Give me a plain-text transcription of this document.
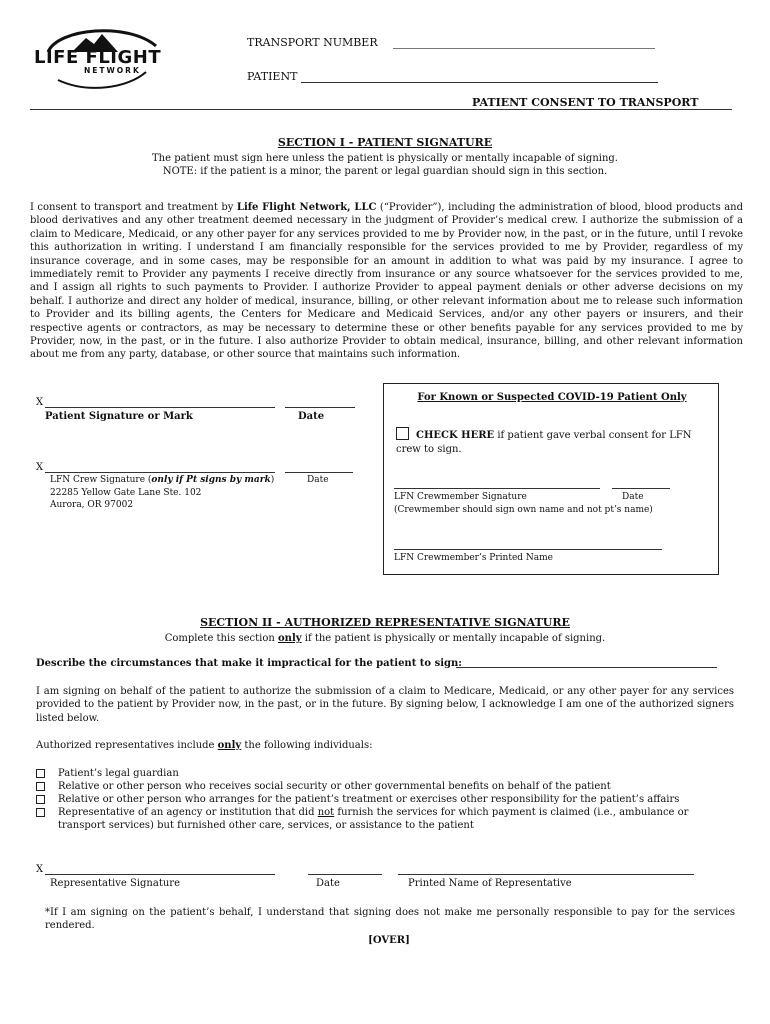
LIFE FLIGHT
NETWORK
TRANSPORT NUMBER
PATIENT
PATIENT CONSENT TO TRANSPORT
SECTION I - PATIENT SIGNATURE
The patient must sign here unless the patient is physically or mentally incapable of signing.
NOTE: if the patient is a minor, the parent or legal guardian should sign in this section.
I consent to transport and treatment by Life Flight Network, LLC (“Provider”), including the administration of blood, blood products and blood derivatives and any other treatment deemed necessary in the judgment of Provider’s medical crew. I authorize the submission of a claim to Medicare, Medicaid, or any other payer for any services provided to me by Provider now, in the past, or in the future, until I revoke this authorization in writing. I understand I am financially responsible for the services provided to me by Provider, regardless of my insurance coverage, and in some cases, may be responsible for an amount in addition to what was paid by my insurance. I agree to immediately remit to Provider any payments I receive directly from insurance or any source whatsoever for the services provided to me, and I assign all rights to such payments to Provider. I authorize Provider to appeal payment denials or other adverse decisions on my behalf. I authorize and direct any holder of medical, insurance, billing, or other relevant information about me to release such information to Provider and its billing agents, the Centers for Medicare and Medicaid Services, and/or any other payers or insurers, and their respective agents or contractors, as may be necessary to determine these or other benefits payable for any services provided to me by Provider, now, in the past, or in the future. I also authorize Provider to obtain medical, insurance, billing, and other relevant information about me from any party, database, or other source that maintains such information.
X
Patient Signature or Mark	Date
X
LFN Crew Signature (only if Pt signs by mark)	Date
22285 Yellow Gate Lane Ste. 102
Aurora, OR 97002
For Known or Suspected COVID-19 Patient Only
CHECK HERE if patient gave verbal consent for LFN crew to sign.
LFN Crewmember Signature	Date
(Crewmember should sign own name and not pt’s name)
LFN Crewmember’s Printed Name
SECTION II - AUTHORIZED REPRESENTATIVE SIGNATURE
Complete this section only if the patient is physically or mentally incapable of signing.
Describe the circumstances that make it impractical for the patient to sign:
I am signing on behalf of the patient to authorize the submission of a claim to Medicare, Medicaid, or any other payer for any services provided to the patient by Provider now, in the past, or in the future. By signing below, I acknowledge I am one of the authorized signers listed below.
Authorized representatives include only the following individuals:
Patient’s legal guardian
Relative or other person who receives social security or other governmental benefits on behalf of the patient
Relative or other person who arranges for the patient’s treatment or exercises other responsibility for the patient’s affairs
Representative of an agency or institution that did not furnish the services for which payment is claimed (i.e., ambulance or transport services) but furnished other care, services, or assistance to the patient
X
Representative Signature	Date	Printed Name of Representative
*If I am signing on the patient’s behalf, I understand that signing does not make me personally responsible to pay for the services rendered.
[OVER]
